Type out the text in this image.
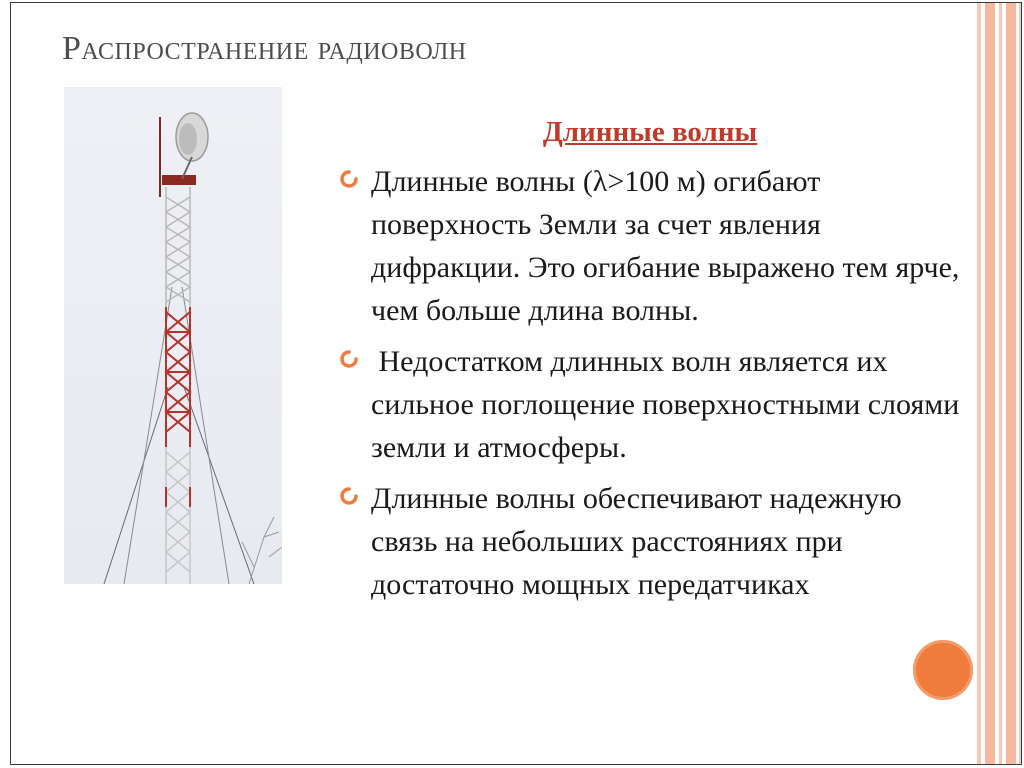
Распространение радиоволн
Длинные волны
Длинные волны (λ>100 м) огибают поверхность Земли за счет явления дифракции. Это огибание выражено тем ярче, чем больше длина волны.
Недостатком длинных волн является их сильное поглощение поверхностными слоями земли и атмосферы.
Длинные волны обеспечивают надежную связь на небольших расстояниях при достаточно мощных передатчиках
